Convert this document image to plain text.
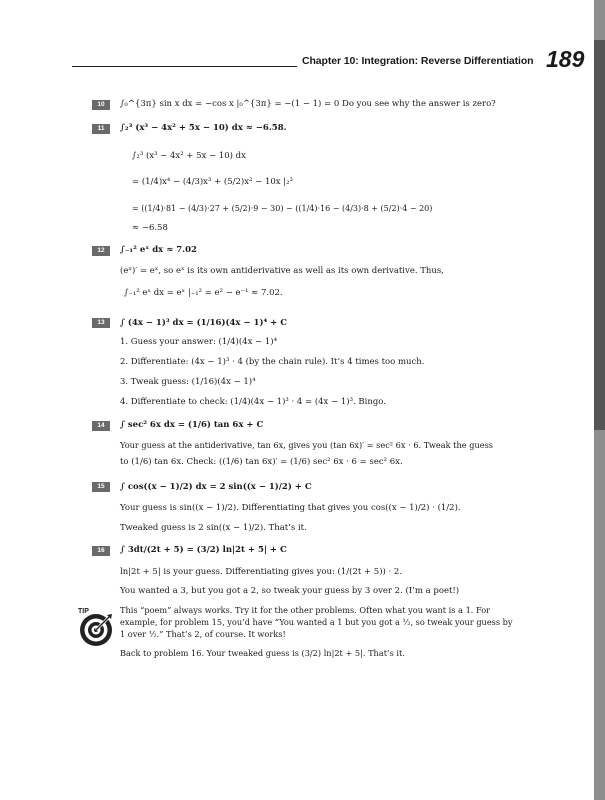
Chapter 10: Integration: Reverse Differentiation 189
10	∫₀^{3π} sin x dx = −cos x |₀^{3π} = −(1 − 1) = 0 Do you see why the answer is zero?
11	∫₂³ (x³ − 4x² + 5x − 10) dx ≈ −6.58.
∫₂³ (x³ − 4x² + 5x − 10) dx
= (1/4)x⁴ − (4/3)x³ + (5/2)x² − 10x |₂³
= ((1/4)·81 − (4/3)·27 + (5/2)·9 − 30) − ((1/4)·16 − (4/3)·8 + (5/2)·4 − 20)
≈ −6.58
12	∫₋₁² eˣ dx ≈ 7.02
(eˣ)′ = eˣ, so eˣ is its own antiderivative as well as its own derivative. Thus,
∫₋₁² eˣ dx = eˣ |₋₁² = e² − e⁻¹ ≈ 7.02.
13	∫ (4x − 1)³ dx = (1/16)(4x − 1)⁴ + C
1. Guess your answer: (1/4)(4x − 1)⁴
2. Differentiate: (4x − 1)³ · 4 (by the chain rule). It’s 4 times too much.
3. Tweak guess: (1/16)(4x − 1)⁴
4. Differentiate to check: (1/4)(4x − 1)³ · 4 = (4x − 1)³. Bingo.
14	∫ sec² 6x dx = (1/6) tan 6x + C
Your guess at the antiderivative, tan 6x, gives you (tan 6x)′ = sec² 6x · 6. Tweak the guess
to (1/6) tan 6x. Check: ((1/6) tan 6x)′ = (1/6) sec² 6x · 6 = sec² 6x.
15	∫ cos((x − 1)/2) dx = 2 sin((x − 1)/2) + C
Your guess is sin((x − 1)/2). Differentiating that gives you cos((x − 1)/2) · (1/2).
Tweaked guess is 2 sin((x − 1)/2). That’s it.
16	∫ 3dt/(2t + 5) = (3/2) ln|2t + 5| + C
ln|2t + 5| is your guess. Differentiating gives you: (1/(2t + 5)) · 2.
You wanted a 3, but you got a 2, so tweak your guess by 3 over 2. (I’m a poet!)
TIP	This “poem” always works. Try it for the other problems. Often what you want is a 1. For
example, for problem 15, you’d have “You wanted a 1 but you got a ½, so tweak your guess by
1 over ½.” That’s 2, of course. It works!
Back to problem 16. Your tweaked guess is (3/2) ln|2t + 5|. That’s it.
